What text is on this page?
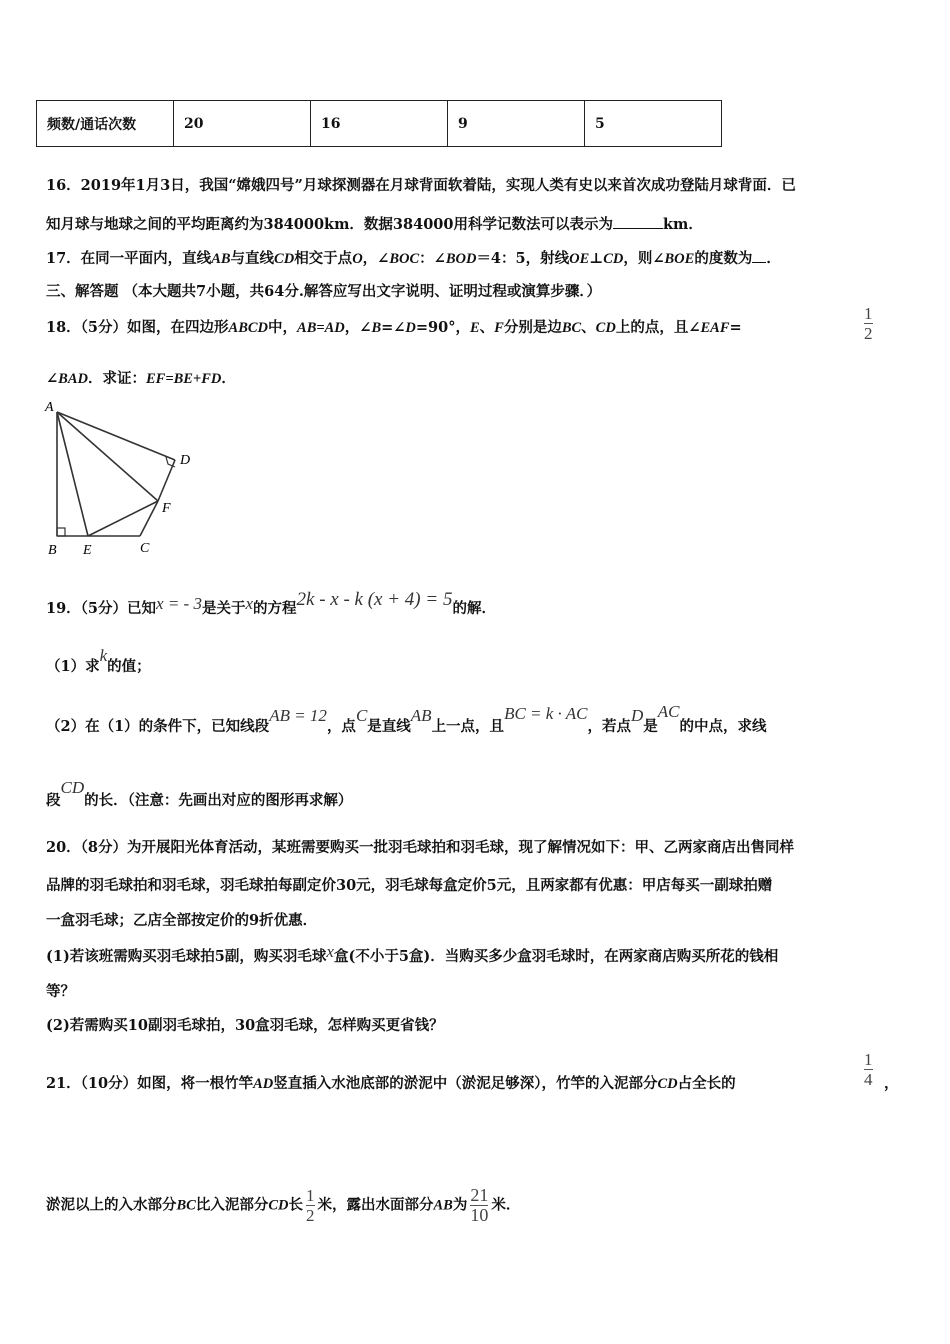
频数/通话次数	20	16	9	5
16．2019年1月3日，我国“嫦娥四号”月球探测器在月球背面软着陆，实现人类有史以来首次成功登陆月球背面．已
知月球与地球之间的平均距离约为384000km．数据384000用科学记数法可以表示为	km．
17．在同一平面内，直线AB与直线CD相交于点O，∠BOC：∠BOD＝4：5，射线OE⊥CD，则∠BOE的度数为 ．
三、解答题 （本大题共7小题，共64分.解答应写出文字说明、证明过程或演算步骤．）
18．（5分）如图，在四边形ABCD中，AB=AD，∠B=∠D=90°，E、F分别是边BC、CD上的点，且∠EAF=
1
2
∠BAD．求证：EF=BE+FD．
A
B E	C
D
F
19．（5分）已知x = - 3是关于x的方程2k - x - k (x + 4) = 5的解．
（1）求k的值；
（2）在（1）的条件下，已知线段AB = 12，点C是直线AB上一点，且BC = k · AC，若点D是AC的中点，求线
段CD的长．（注意：先画出对应的图形再求解）
20．（8分）为开展阳光体育活动，某班需要购买一批羽毛球拍和羽毛球，现了解情况如下：甲、乙两家商店出售同样
品牌的羽毛球拍和羽毛球，羽毛球拍每副定价30元，羽毛球每盒定价5元，且两家都有优惠：甲店每买一副球拍赠
一盒羽毛球；乙店全部按定价的9折优惠．
(1)若该班需购买羽毛球拍5副，购买羽毛球x盒(不小于5盒)．当购买多少盒羽毛球时，在两家商店购买所花的钱相
等？
(2)若需购买10副羽毛球拍，30盒羽毛球，怎样购买更省钱？
21．（10分）如图，将一根竹竿AD竖直插入水池底部的淤泥中（淤泥足够深），竹竿的入泥部分CD占全长的
1
4 ，
淤泥以上的入水部分BC比入泥部分CD长 $\frac{1}{2}$ 米，露出水面部分AB为 $\frac{21}{10}$ 米．
